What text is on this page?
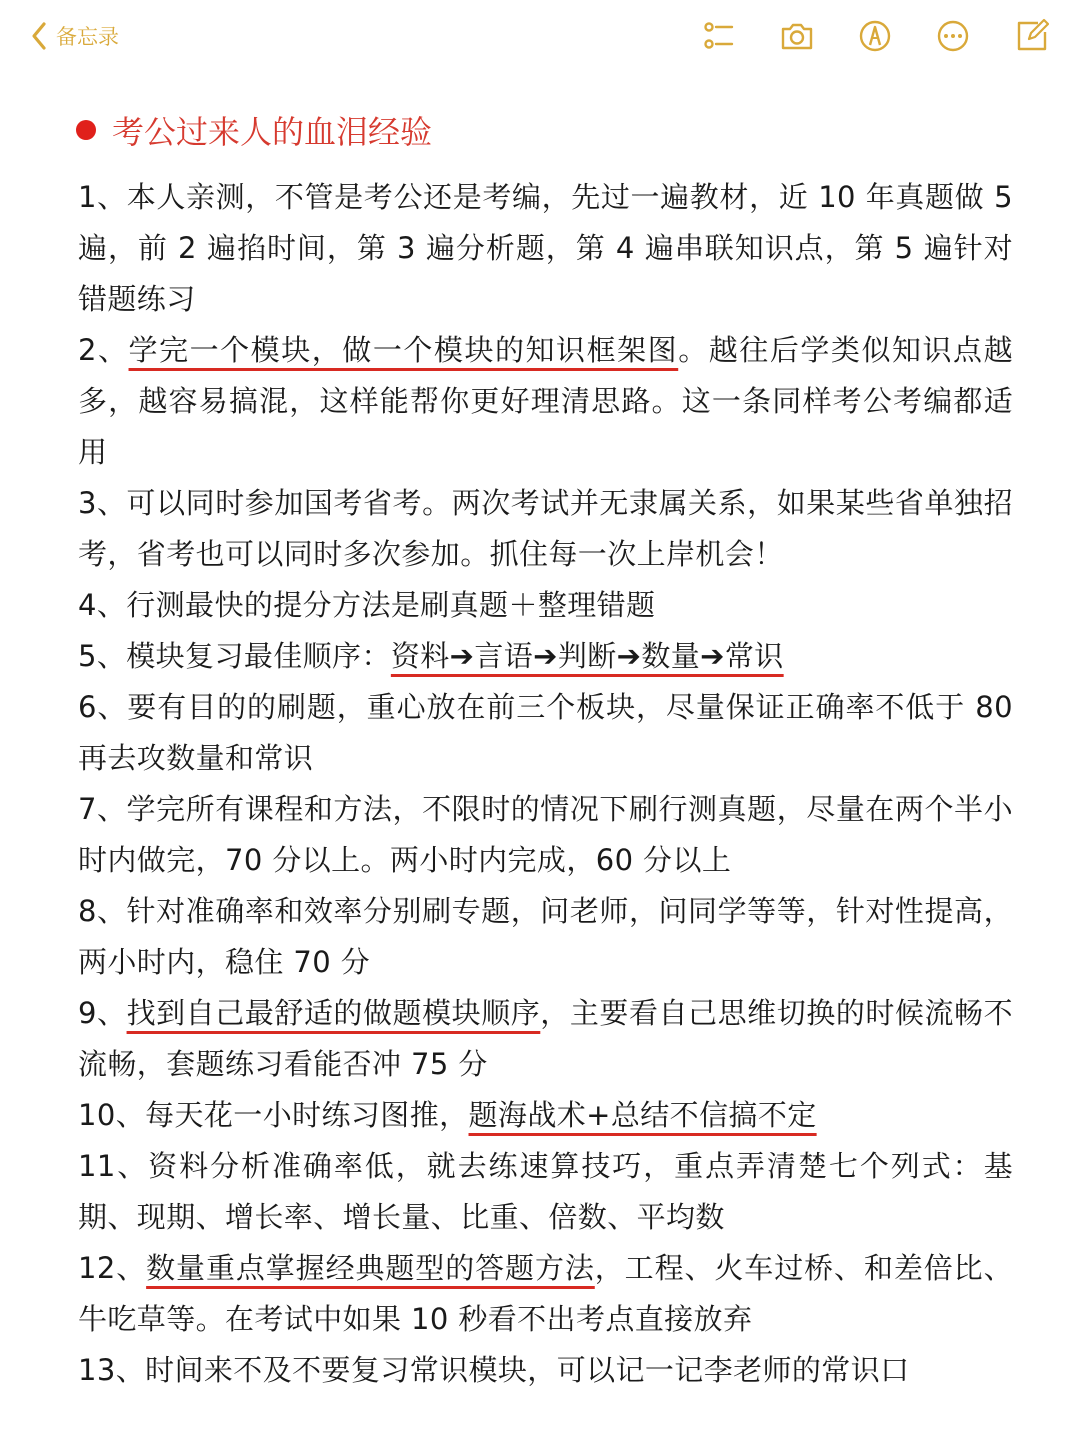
备忘录
考公过来人的血泪经验
1、本人亲测，不管是考公还是考编，先过一遍教材，近 10 年真题做 5 遍，前 2 遍掐时间，第 3 遍分析题，第 4 遍串联知识点，第 5 遍针对错题练习
2、学完一个模块，做一个模块的知识框架图。越往后学类似知识点越多，越容易搞混，这样能帮你更好理清思路。这一条同样考公考编都适用
3、可以同时参加国考省考。两次考试并无隶属关系，如果某些省单独招考，省考也可以同时多次参加。抓住每一次上岸机会！
4、行测最快的提分方法是刷真题＋整理错题
5、模块复习最佳顺序：资料➔言语➔判断➔数量➔常识
6、要有目的的刷题，重心放在前三个板块，尽量保证正确率不低于 80 再去攻数量和常识
7、学完所有课程和方法，不限时的情况下刷行测真题，尽量在两个半小时内做完，70 分以上。两小时内完成，60 分以上
8、针对准确率和效率分别刷专题，问老师，问同学等等，针对性提高，两小时内，稳住 70 分
9、找到自己最舒适的做题模块顺序，主要看自己思维切换的时候流畅不流畅，套题练习看能否冲 75 分
10、每天花一小时练习图推，题海战术+总结不信搞不定
11、资料分析准确率低，就去练速算技巧，重点弄清楚七个列式：基期、现期、增长率、增长量、比重、倍数、平均数
12、数量重点掌握经典题型的答题方法，工程、火车过桥、和差倍比、牛吃草等。在考试中如果 10 秒看不出考点直接放弃
13、时间来不及不要复习常识模块，可以记一记李老师的常识口
